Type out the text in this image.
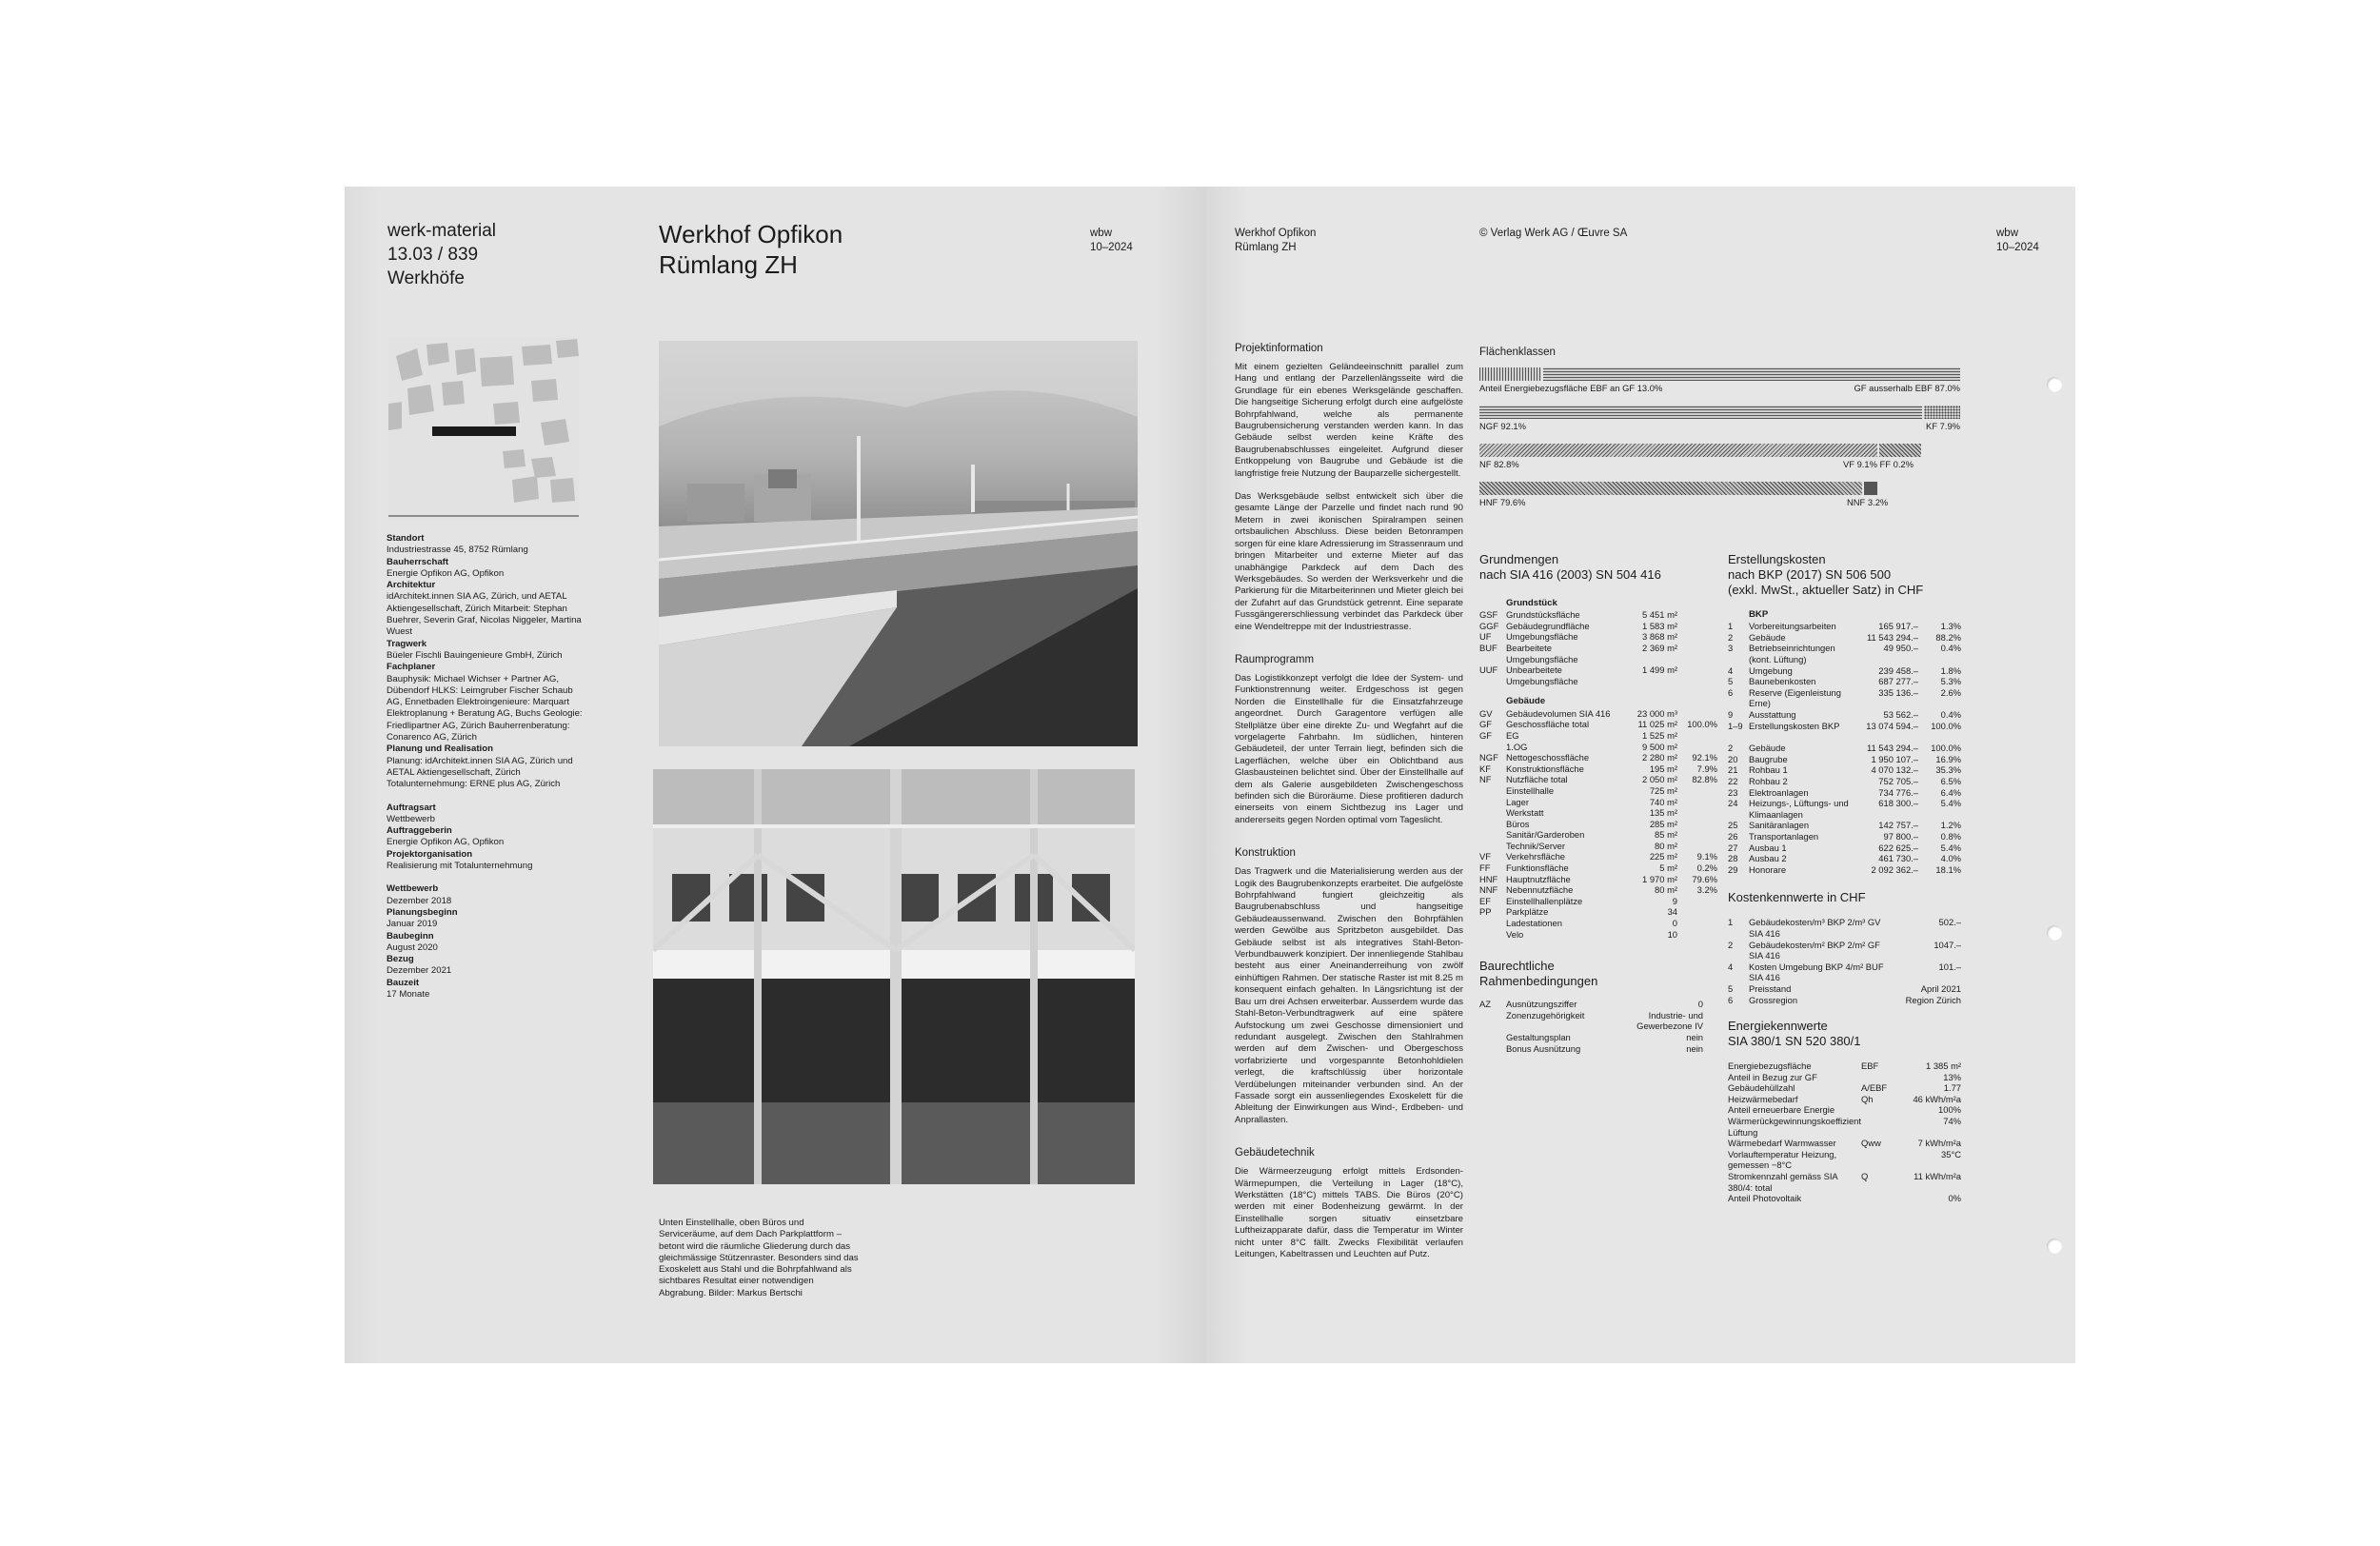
werk-material
13.03 / 839
Werkhöfe
Werkhof Opfikon
Rümlang ZH
wbw
10–2024
Standort
Industriestrasse 45, 8752 Rümlang
Bauherrschaft
Energie Opfikon AG, Opfikon
Architektur
idArchitekt.innen SIA AG, Zürich, und AETAL Aktiengesellschaft, Zürich Mitarbeit: Stephan Buehrer, Severin Graf, Nicolas Niggeler, Martina Wuest
Tragwerk
Büeler Fischli Bauingenieure GmbH, Zürich
Fachplaner
Bauphysik: Michael Wichser + Partner AG, Dübendorf HLKS: Leimgruber Fischer Schaub AG, Ennetbaden Elektroingenieure: Marquart Elektroplanung + Beratung AG, Buchs Geologie: Friedlipartner AG, Zürich Bauherrenberatung: Conarenco AG, Zürich
Planung und Realisation
Planung: idArchitekt.innen SIA AG, Zürich und AETAL Aktiengesellschaft, Zürich Totalunternehmung: ERNE plus AG, Zürich
Auftragsart
Wettbewerb
Auftraggeberin
Energie Opfikon AG, Opfikon
Projektorganisation
Realisierung mit Totalunternehmung
Wettbewerb
Dezember 2018
Planungsbeginn
Januar 2019
Baubeginn
August 2020
Bezug
Dezember 2021
Bauzeit
17 Monate
Unten Einstellhalle, oben Büros und Serviceräume, auf dem Dach Parkplattform – betont wird die räumliche Gliederung durch das gleichmässige Stützenraster. Besonders sind das Exoskelett aus Stahl und die Bohrpfahlwand als sichtbares Resultat einer notwendigen Abgrabung. Bilder: Markus Bertschi
Werkhof Opfikon
Rümlang ZH
© Verlag Werk AG / Œuvre SA	wbw
10–2024
Projektinformation

Mit einem gezielten Geländeeinschnitt parallel zum Hang und entlang der Parzellenlängsseite wird die Grundlage für ein ebenes Werksgelände geschaffen. Die hangseitige Sicherung erfolgt durch eine aufgelöste Bohrpfahlwand, welche als permanente Baugrubensicherung verstanden werden kann. In das Gebäude selbst werden keine Kräfte des Baugrubenabschlusses eingeleitet. Aufgrund dieser Entkoppelung von Baugrube und Gebäude ist die langfristige freie Nutzung der Bauparzelle sichergestellt.

Das Werksgebäude selbst entwickelt sich über die gesamte Länge der Parzelle und findet nach rund 90 Metern in zwei ikonischen Spiralrampen seinen ortsbaulichen Abschluss. Diese beiden Betonrampen sorgen für eine klare Adressierung im Strassenraum und bringen Mitarbeiter und externe Mieter auf das unabhängige Parkdeck auf dem Dach des Werksgebäudes. So werden der Werksverkehr und die Parkierung für die Mitarbeiterinnen und Mieter gleich bei der Zufahrt auf das Grundstück getrennt. Eine separate Fussgängererschliessung verbindet das Parkdeck über eine Wendeltreppe mit der Industriestrasse.

Raumprogramm

Das Logistikkonzept verfolgt die Idee der System- und Funktionstrennung weiter. Erdgeschoss ist gegen Norden die Einstellhalle für die Einsatzfahrzeuge angeordnet. Durch Garagentore verfügen alle Stellplätze über eine direkte Zu- und Wegfahrt auf die vorgelagerte Fahrbahn. Im südlichen, hinteren Gebäudeteil, der unter Terrain liegt, befinden sich die Lagerflächen, welche über ein Oblichtband aus Glasbausteinen belichtet sind. Über der Einstellhalle auf dem als Galerie ausgebildeten Zwischengeschoss befinden sich die Büroräume. Diese profitieren dadurch einerseits von einem Sichtbezug ins Lager und andererseits gegen Norden optimal vom Tageslicht.

Konstruktion

Das Tragwerk und die Materialisierung werden aus der Logik des Baugrubenkonzepts erarbeitet. Die aufgelöste Bohrpfahlwand fungiert gleichzeitig als Baugrubenabschluss und hangseitige Gebäudeaussenwand. Zwischen den Bohrpfählen werden Gewölbe aus Spritzbeton ausgebildet. Das Gebäude selbst ist als integratives Stahl-Beton-Verbundbauwerk konzipiert. Der innenliegende Stahlbau besteht aus einer Aneinanderreihung von zwölf einhüftigen Rahmen. Der statische Raster ist mit 8.25 m konsequent einfach gehalten. In Längsrichtung ist der Bau um drei Achsen erweiterbar. Ausserdem wurde das Stahl-Beton-Verbundtragwerk auf eine spätere Aufstockung um zwei Geschosse dimensioniert und redundant ausgelegt. Zwischen den Stahlrahmen werden auf dem Zwischen- und Obergeschoss vorfabrizierte und vorgespannte Betonhohldielen verlegt, die kraftschlüssig über horizontale Verdübelungen miteinander verbunden sind. An der Fassade sorgt ein aussenliegendes Exoskelett für die Ableitung der Einwirkungen aus Wind-, Erdbeben- und Anprallasten.

Gebäudetechnik

Die Wärmeerzeugung erfolgt mittels Erdsonden-Wärmepumpen, die Verteilung in Lager (18°C), Werkstätten (18°C) mittels TABS. Die Büros (20°C) werden mit einer Bodenheizung gewärmt. In der Einstellhalle sorgen situativ einsetzbare Luftheizapparate dafür, dass die Temperatur im Winter nicht unter 8°C fällt. Zwecks Flexibilität verlaufen Leitungen, Kabeltrassen und Leuchten auf Putz.

Flächenklassen
Anteil Energiebezugsfläche EBF an GF 13.0%	GF ausserhalb EBF 87.0%
NGF 92.1%	KF 7.9%
NF 82.8%	VF 9.1% FF 0.2%
HNF 79.6%	NNF 3.2%
Grundmengen
nach SIA 416 (2003) SN 504 416
Grundstück
GSF	Grundstücksfläche	5 451 m²	
GGF	Gebäudegrundfläche	1 583 m²	
UF	Umgebungsfläche	3 868 m²	
BUF	Bearbeitete Umgebungsfläche	2 369 m²	
UUF	Unbearbeitete Umgebungsfläche	1 499 m²	
Gebäude
GV	Gebäudevolumen SIA 416	23 000 m³	
GF	Geschossfläche total	11 025 m²	100.0%
GF	EG	1 525 m²	
	1.OG	9 500 m²	
NGF	Nettogeschossfläche	2 280 m²	92.1%
KF	Konstruktionsfläche	195 m²	7.9%
NF	Nutzfläche total	2 050 m²	82.8%
	Einstellhalle	725 m²	
	Lager	740 m²	
	Werkstatt	135 m²	
	Büros	285 m²	
	Sanitär/Garderoben	85 m²	
	Technik/Server	80 m²	
VF	Verkehrsfläche	225 m²	9.1%
FF	Funktionsfläche	5 m²	0.2%
HNF	Hauptnutzfläche	1 970 m²	79.6%
NNF	Nebennutzfläche	80 m²	3.2%
EF	Einstellhallenplätze	9	
PP	Parkplätze	34	
	Ladestationen	0	
	Velo	10	
Baurechtliche
Rahmenbedingungen
AZ	Ausnützungsziffer	0
	Zonenzugehörigkeit	Industrie- und Gewerbezone IV
	Gestaltungsplan	nein
	Bonus Ausnützung	nein
Erstellungskosten
nach BKP (2017) SN 506 500
(exkl. MwSt., aktueller Satz) in CHF
BKP
1	Vorbereitungsarbeiten	165 917.–	1.3%
2	Gebäude	11 543 294.–	88.2%
3	Betriebseinrichtungen (kont. Lüftung)	49 950.–	0.4%
4	Umgebung	239 458.–	1.8%
5	Baunebenkosten	687 277.–	5.3%
6	Reserve (Eigenleistung Erne)	335 136.–	2.6%
9	Ausstattung	53 562.–	0.4%
1–9	Erstellungskosten BKP	13 074 594.–	100.0%
2	Gebäude	11 543 294.–	100.0%
20	Baugrube	1 950 107.–	16.9%
21	Rohbau 1	4 070 132.–	35.3%
22	Rohbau 2	752 705.–	6.5%
23	Elektroanlagen	734 776.–	6.4%
24	Heizungs-, Lüftungs- und Klimaanlagen	618 300.–	5.4%
25	Sanitäranlagen	142 757.–	1.2%
26	Transportanlagen	97 800.–	0.8%
27	Ausbau 1	622 625.–	5.4%
28	Ausbau 2	461 730.–	4.0%
29	Honorare	2 092 362.–	18.1%
Kostenkennwerte in CHF
1	Gebäudekosten/m³ BKP 2/m³ GV SIA 416	502.–
2	Gebäudekosten/m² BKP 2/m² GF SIA 416	1047.–
4	Kosten Umgebung BKP 4/m² BUF SIA 416	101.–
5	Preisstand	April 2021
6	Grossregion	Region Zürich
Energiekennwerte
SIA 380/1 SN 520 380/1
Energiebezugsfläche	EBF	1 385 m²
Anteil in Bezug zur GF		13%
Gebäudehüllzahl	A/EBF	1.77
Heizwärmebedarf	Qh	46 kWh/m²a
Anteil erneuerbare Energie		100%
Wärmerückgewinnungskoeffizient Lüftung		74%
Wärmebedarf Warmwasser	Qww	7 kWh/m²a
Vorlauftemperatur Heizung, gemessen −8°C		35°C
Stromkennzahl gemäss SIA 380/4: total	Q	11 kWh/m²a
Anteil Photovoltaik		0%
